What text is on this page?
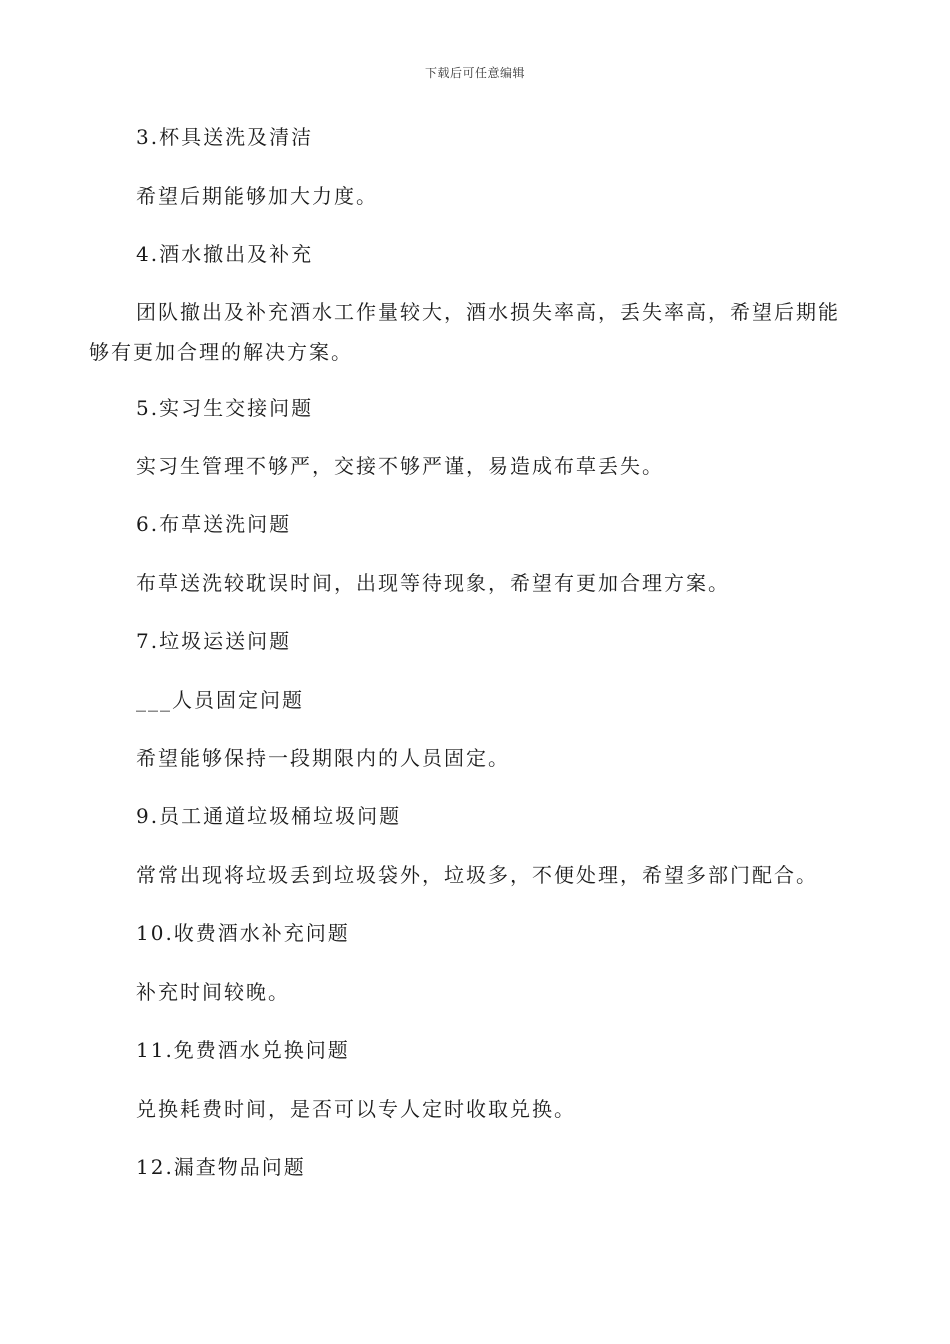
下载后可任意编辑
3.杯具送洗及清洁
希望后期能够加大力度。
4.酒水撤出及补充
团队撤出及补充酒水工作量较大，酒水损失率高，丢失率高，希望后期能
够有更加合理的解决方案。
5.实习生交接问题
实习生管理不够严，交接不够严谨，易造成布草丢失。
6.布草送洗问题
布草送洗较耽误时间，出现等待现象，希望有更加合理方案。
7.垃圾运送问题
___人员固定问题
希望能够保持一段期限内的人员固定。
9.员工通道垃圾桶垃圾问题
常常出现将垃圾丢到垃圾袋外，垃圾多，不便处理，希望多部门配合。
10.收费酒水补充问题
补充时间较晚。
11.免费酒水兑换问题
兑换耗费时间，是否可以专人定时收取兑换。
12.漏查物品问题
